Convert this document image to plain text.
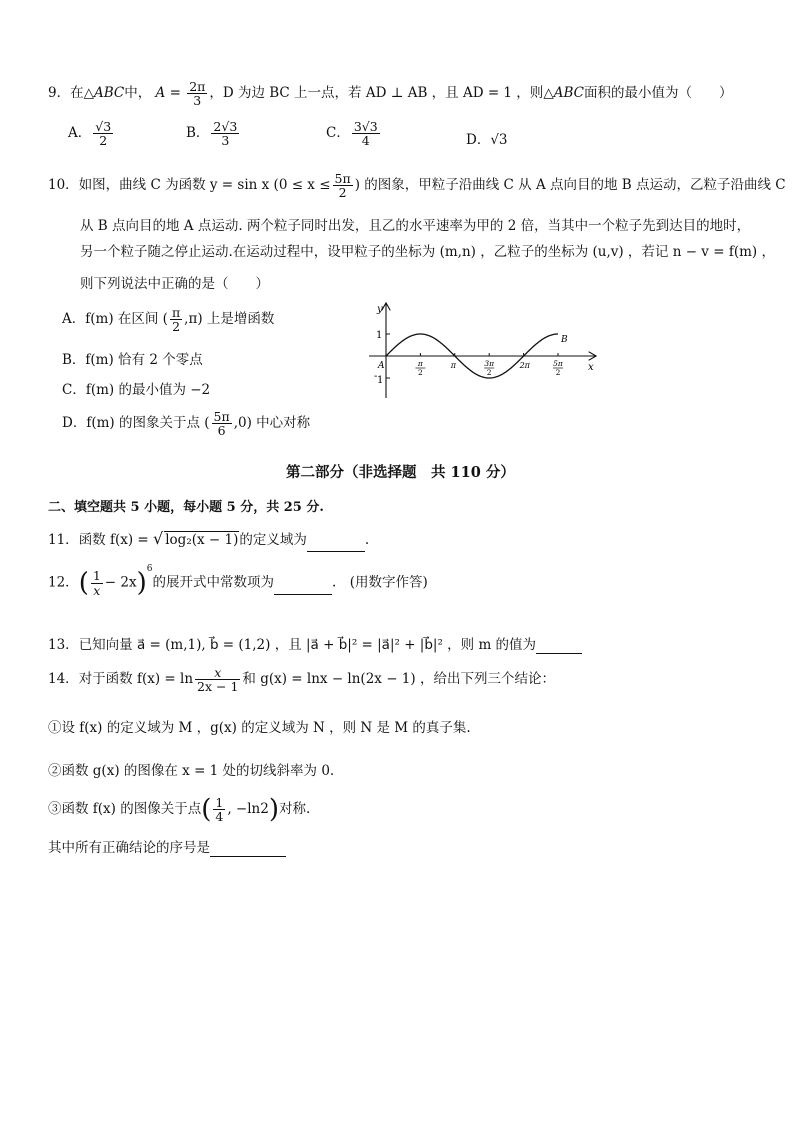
9．在△ABC中， $A = \frac{2\pi}{3}$ ，D 为边 BC 上一点，若 AD ⊥ AB ，且 AD = 1 ，则△ABC面积的最小值为（　　）
A． $\frac{√3}{2}$	B． $\frac{2√3}{3}$	C． $\frac{3√3}{4}$	D．√3
10．如图，曲线 C 为函数 y = sin x ($0 \le x \le \frac{5\pi}{2}$ ) 的图象，甲粒子沿曲线 C 从 A 点向目的地 B 点运动，乙粒子沿曲线 C
从 B 点向目的地 A 点运动. 两个粒子同时出发，且乙的水平速率为甲的 2 倍，当其中一个粒子先到达目的地时，
另一个粒子随之停止运动.在运动过程中，设甲粒子的坐标为 (m,n) ，乙粒子的坐标为 (u,v) ，若记 n − v = f(m) ，
则下列说法中正确的是（　　）
A．f(m) 在区间 ( $\frac{\pi}{2} ,\pi$) 上是增函数
B．f(m) 恰有 2 个零点
C．f(m) 的最小值为 −2
D．f(m) 的图象关于点 ( $\frac{5\pi}{6} ,0$) 中心对称
y
x
1
- 1
A
B
π
2
π	3π
2
2π	5π
2
第二部分（非选择题　共 110 分）
二、填空题共 5 小题，每小题 5 分，共 25 分.
11．函数 f(x) = √ log₂(x − 1)的定义域为	.
12．( $\frac{1}{x} - 2x)^6$的展开式中常数项为	.　(用数字作答)
13．已知向量 a⃗ = (m,1), b⃗ = (1,2) ，且 |a⃗ + b⃗|² = |a⃗|² + |b⃗|² ，则 m 的值为
14．对于函数 $f(x) = \ln \frac{x}{2x - 1}$ 和 g(x) = lnx − ln(2x − 1) ，给出下列三个结论：
①设 f(x) 的定义域为 M ，g(x) 的定义域为 N ，则 N 是 M 的真子集.
②函数 g(x) 的图像在 x = 1 处的切线斜率为 0.
③函数 f(x) 的图像关于点( $\frac{1}{4}$ , −ln2)对称.
其中所有正确结论的序号是
